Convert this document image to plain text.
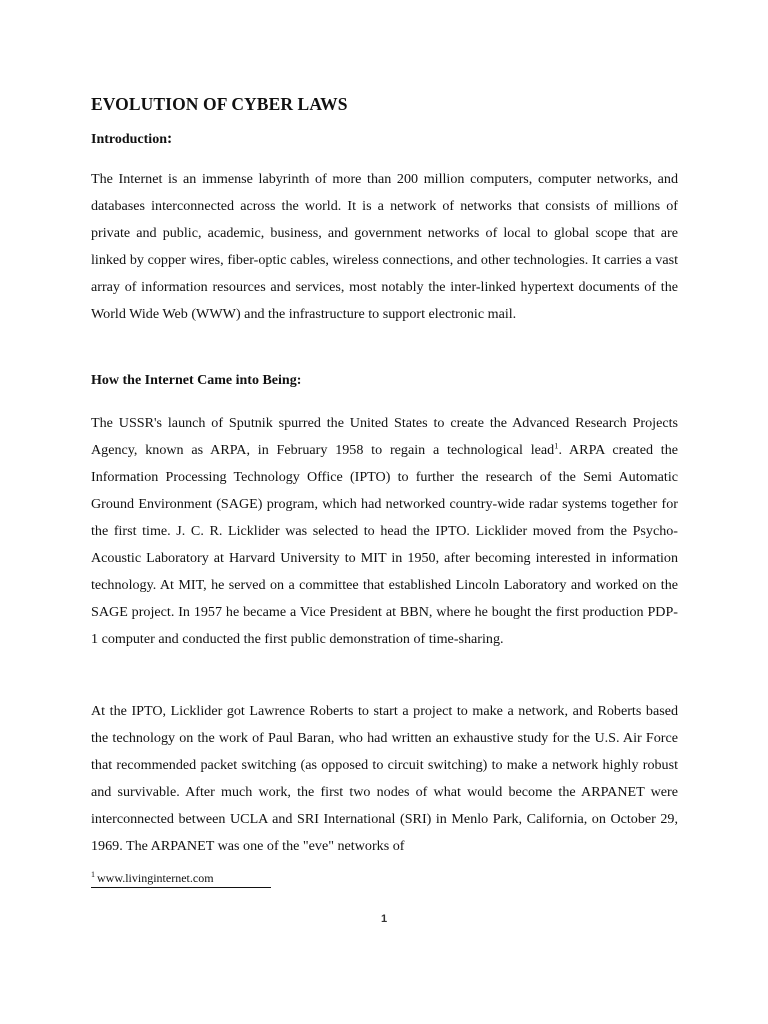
EVOLUTION OF CYBER LAWS
Introduction:

The Internet is an immense labyrinth of more than 200 million computers, computer networks, and databases interconnected across the world. It is a network of networks that consists of millions of private and public, academic, business, and government networks of local to global scope that are linked by copper wires, fiber-optic cables, wireless connections, and other technologies. It carries a vast array of information resources and services, most notably the inter-linked hypertext documents of the World Wide Web (WWW) and the infrastructure to support electronic mail.

How the Internet Came into Being:

The USSR's launch of Sputnik spurred the United States to create the Advanced Research Projects Agency, known as ARPA, in February 1958 to regain a technological lead$^1$. ARPA created the Information Processing Technology Office (IPTO) to further the research of the Semi Automatic Ground Environment (SAGE) program, which had networked country-wide radar systems together for the first time. J. C. R. Licklider was selected to head the IPTO. Licklider moved from the Psycho-Acoustic Laboratory at Harvard University to MIT in 1950, after becoming interested in information technology. At MIT, he served on a committee that established Lincoln Laboratory and worked on the SAGE project. In 1957 he became a Vice President at BBN, where he bought the first production PDP-1 computer and conducted the first public demonstration of time-sharing.

At the IPTO, Licklider got Lawrence Roberts to start a project to make a network, and Roberts based the technology on the work of Paul Baran, who had written an exhaustive study for the U.S. Air Force that recommended packet switching (as opposed to circuit switching) to make a network highly robust and survivable. After much work, the first two nodes of what would become the ARPANET were interconnected between UCLA and SRI International (SRI) in Menlo Park, California, on October 29, 1969. The ARPANET was one of the "eve" networks of

$^1$ www.livinginternet.com

1
